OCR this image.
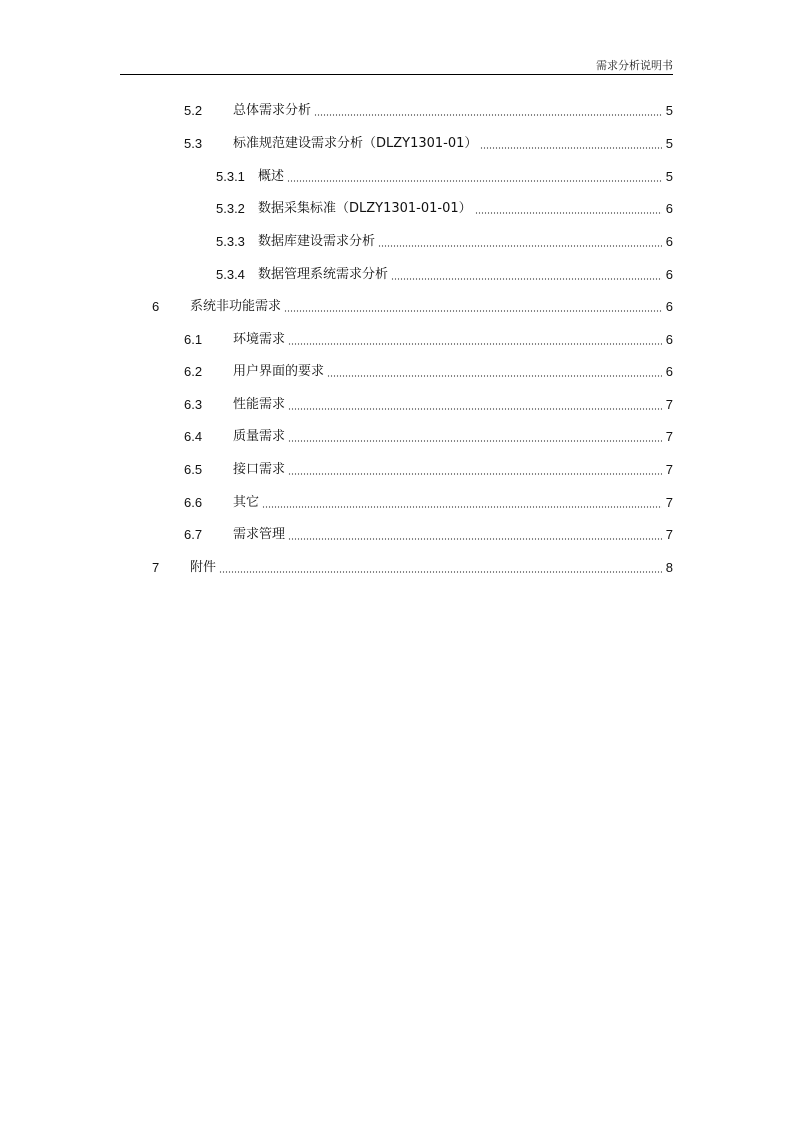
需求分析说明书
5.2	总体需求分析	5
5.3	标准规范建设需求分析（DLZY1301-01）	5
5.3.1	概述	5
5.3.2	数据采集标准（DLZY1301-01-01）	6
5.3.3	数据库建设需求分析	6
5.3.4	数据管理系统需求分析	6
6	系统非功能需求	6
6.1	环境需求	6
6.2	用户界面的要求	6
6.3	性能需求	7
6.4	质量需求	7
6.5	接口需求	7
6.6	其它	7
6.7	需求管理	7
7	附件	8
